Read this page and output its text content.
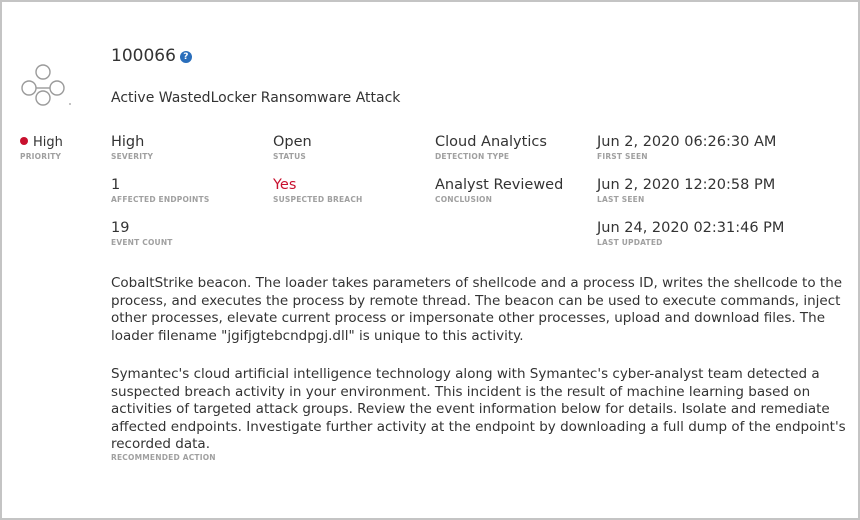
High
PRIORITY
100066 ?
Active WastedLocker Ransomware Attack
High
SEVERITY
Open
STATUS
Cloud Analytics
DETECTION TYPE
Jun 2, 2020 06:26:30 AM
FIRST SEEN
1
AFFECTED ENDPOINTS
Yes
SUSPECTED BREACH
Analyst Reviewed
CONCLUSION
Jun 2, 2020 12:20:58 PM
LAST SEEN
19
EVENT COUNT
Jun 24, 2020 02:31:46 PM
LAST UPDATED

CobaltStrike beacon. The loader takes parameters of shellcode and a process ID, writes the shellcode to the process, and executes the process by remote thread. The beacon can be used to execute commands, inject other processes, elevate current process or impersonate other processes, upload and download files. The loader filename "jgifjgtebcndpgj.dll" is unique to this activity.

Symantec's cloud artificial intelligence technology along with Symantec's cyber-analyst team detected a suspected breach activity in your environment. This incident is the result of machine learning based on activities of targeted attack groups. Review the event information below for details. Isolate and remediate affected endpoints. Investigate further activity at the endpoint by downloading a full dump of the endpoint's recorded data.

RECOMMENDED ACTION
